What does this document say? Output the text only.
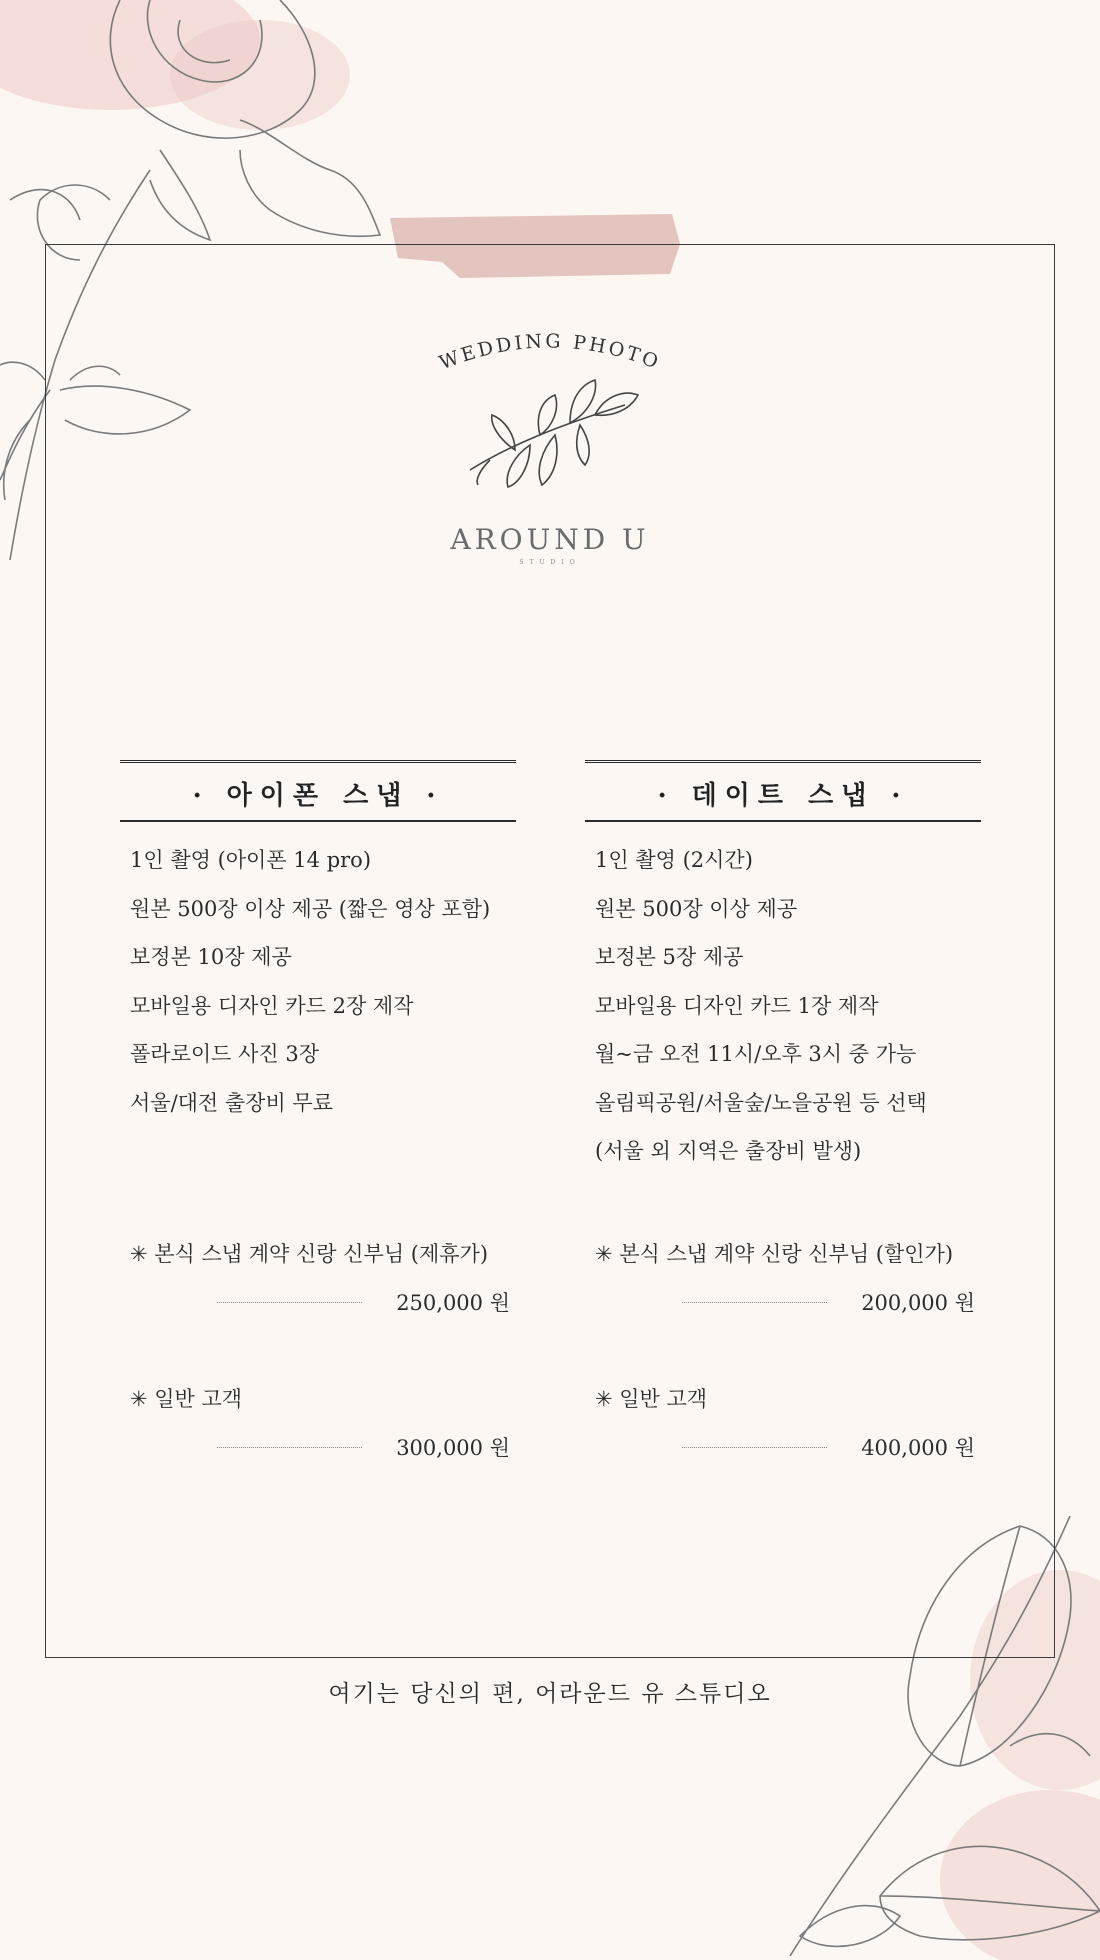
WEDDING PHOTO
AROUND U
STUDIO
· 아이폰 스냅 ·
1인 촬영 (아이폰 14 pro)
원본 500장 이상 제공 (짧은 영상 포함)
보정본 10장 제공
모바일용 디자인 카드 2장 제작
폴라로이드 사진 3장
서울/대전 출장비 무료
✳ 본식 스냅 계약 신랑 신부님 (제휴가)
250,000 원
✳ 일반 고객
300,000 원
· 데이트 스냅 ·
1인 촬영 (2시간)
원본 500장 이상 제공
보정본 5장 제공
모바일용 디자인 카드 1장 제작
월~금 오전 11시/오후 3시 중 가능
올림픽공원/서울숲/노을공원 등 선택
(서울 외 지역은 출장비 발생)
✳ 본식 스냅 계약 신랑 신부님 (할인가)
200,000 원
✳ 일반 고객
400,000 원
여기는 당신의 편, 어라운드 유 스튜디오
